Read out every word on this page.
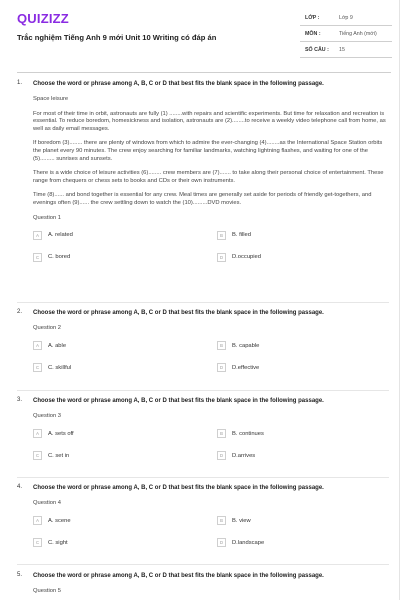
QUIZIZZ
Trắc nghiệm Tiếng Anh 9 mới Unit 10 Writing có đáp án
LỚP :	Lớp 9
MÔN :	Tiếng Anh (mới)
SỐ CÂU :	15
1. Choose the word or phrase among A, B, C or D that best fits the blank space in the following passage.

Space leisure

For most of their time in orbit, astronauts are fully (1) ........with repairs and scientific experiments. But time for relaxation and recreation is essential. To reduce boredom, homesickness and isolation, astronauts are (2)........to receive a weekly video telephone call from home, as well as daily email messages.

If boredom (3)........ there are plenty of windows from which to admire the ever-changing (4)........as the International Space Station orbits the planet every 90 minutes. The crew enjoy searching for familiar landmarks, watching lightning flashes, and waiting for one of the (5)......... sunrises and sunsets.

There is a wide choice of leisure activities (6)........ crew members are (7)....... to take along their personal choice of entertainment. These range from chequers or chess sets to books and CDs or their own instruments.

Time (8)...... and bond together is essential for any crew. Meal times are generally set aside for periods of friendly get-togethers, and evenings often (9)...... the crew settling down to watch the (10).........DVD movies.

Question 1
A	A. related	B	B. filled
C	C. bored	D	D.occupied
2. Choose the word or phrase among A, B, C or D that best fits the blank space in the following passage.
Question 2
A	A. able	B	B. capable
C	C. skillful	D	D.effective
3. Choose the word or phrase among A, B, C or D that best fits the blank space in the following passage.
Question 3
A	A. sets off	B	B. continues
C	C. set in	D	D.arrives
4. Choose the word or phrase among A, B, C or D that best fits the blank space in the following passage.
Question 4
A	A. scene	B	B. view
C	C. sight	D	D.landscape
5. Choose the word or phrase among A, B, C or D that best fits the blank space in the following passage.
Question 5
